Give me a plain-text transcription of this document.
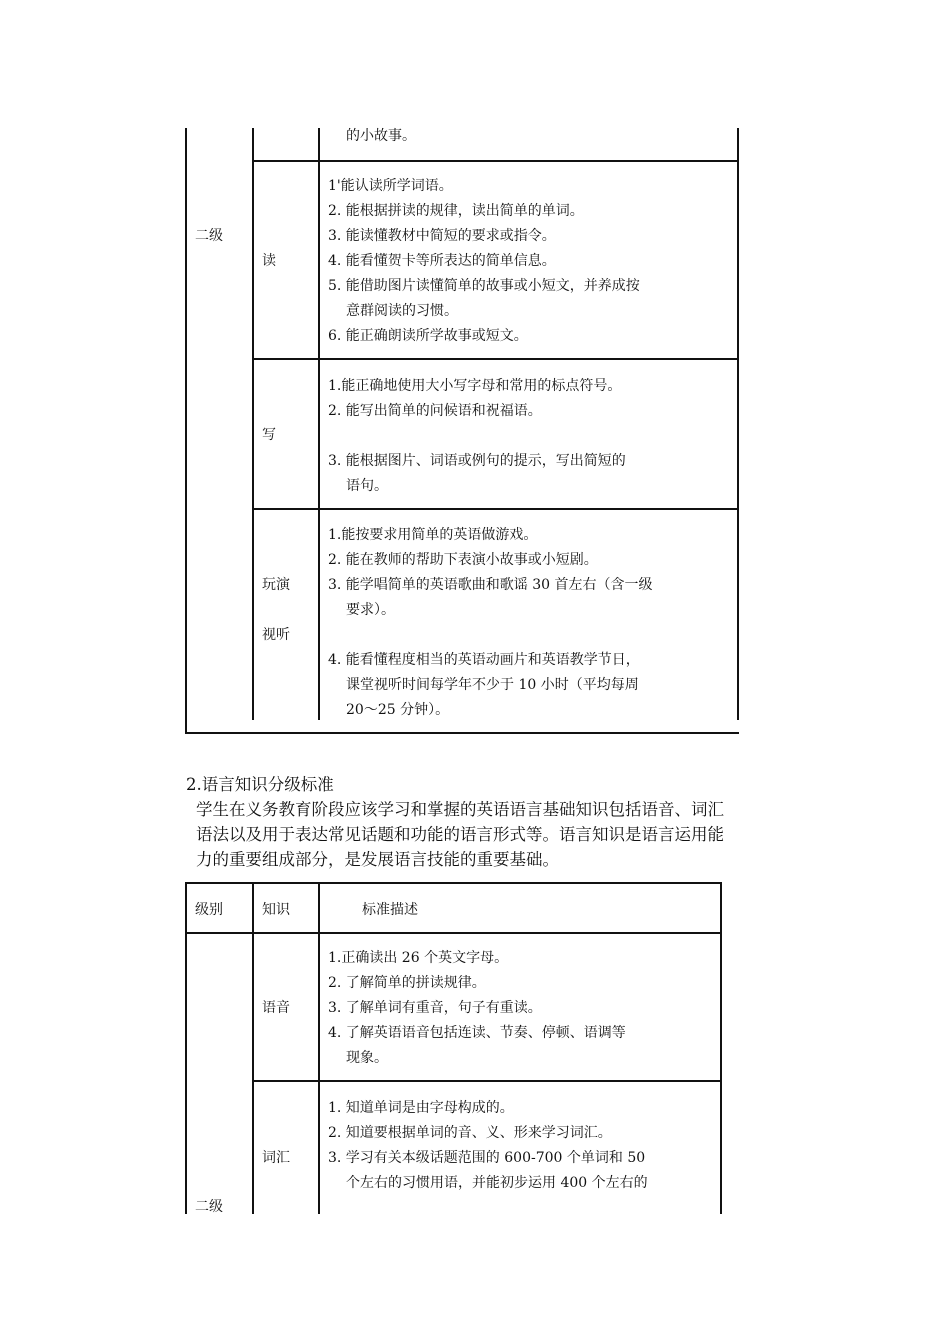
的小故事。
二级
读
1'能认读所学词语。
2. 能根据拼读的规律，读出简单的单词。
3. 能读懂教材中简短的要求或指令。
4. 能看懂贺卡等所表达的简单信息。
5. 能借助图片读懂简单的故事或小短文，并养成按
意群阅读的习惯。
6. 能正确朗读所学故事或短文。
写
1.能正确地使用大小写字母和常用的标点符号。
2. 能写出简单的问候语和祝福语。
3. 能根据图片、词语或例句的提示，写出简短的
语句。
玩演
视听
1.能按要求用简单的英语做游戏。
2. 能在教师的帮助下表演小故事或小短剧。
3. 能学唱简单的英语歌曲和歌谣 30 首左右（含一级
要求）。
4. 能看懂程度相当的英语动画片和英语教学节日，
课堂视听时间每学年不少于 10 小时（平均每周
20～25 分钟）。
2.语言知识分级标准
学生在义务教育阶段应该学习和掌握的英语语言基础知识包括语音、词汇
语法以及用于表达常见话题和功能的语言形式等。语言知识是语言运用能
力的重要组成部分，是发展语言技能的重要基础。
级别	知识	标准描述
语音
1.正确读出 26 个英文字母。
2. 了解简单的拼读规律。
3. 了解单词有重音，句子有重读。
4. 了解英语语音包括连读、节奏、停顿、语调等
现象。
词汇
1. 知道单词是由字母构成的。
2. 知道要根据单词的音、义、形来学习词汇。
3. 学习有关本级话题范围的 600-700 个单词和 50
个左右的习惯用语，并能初步运用 400 个左右的
二级
